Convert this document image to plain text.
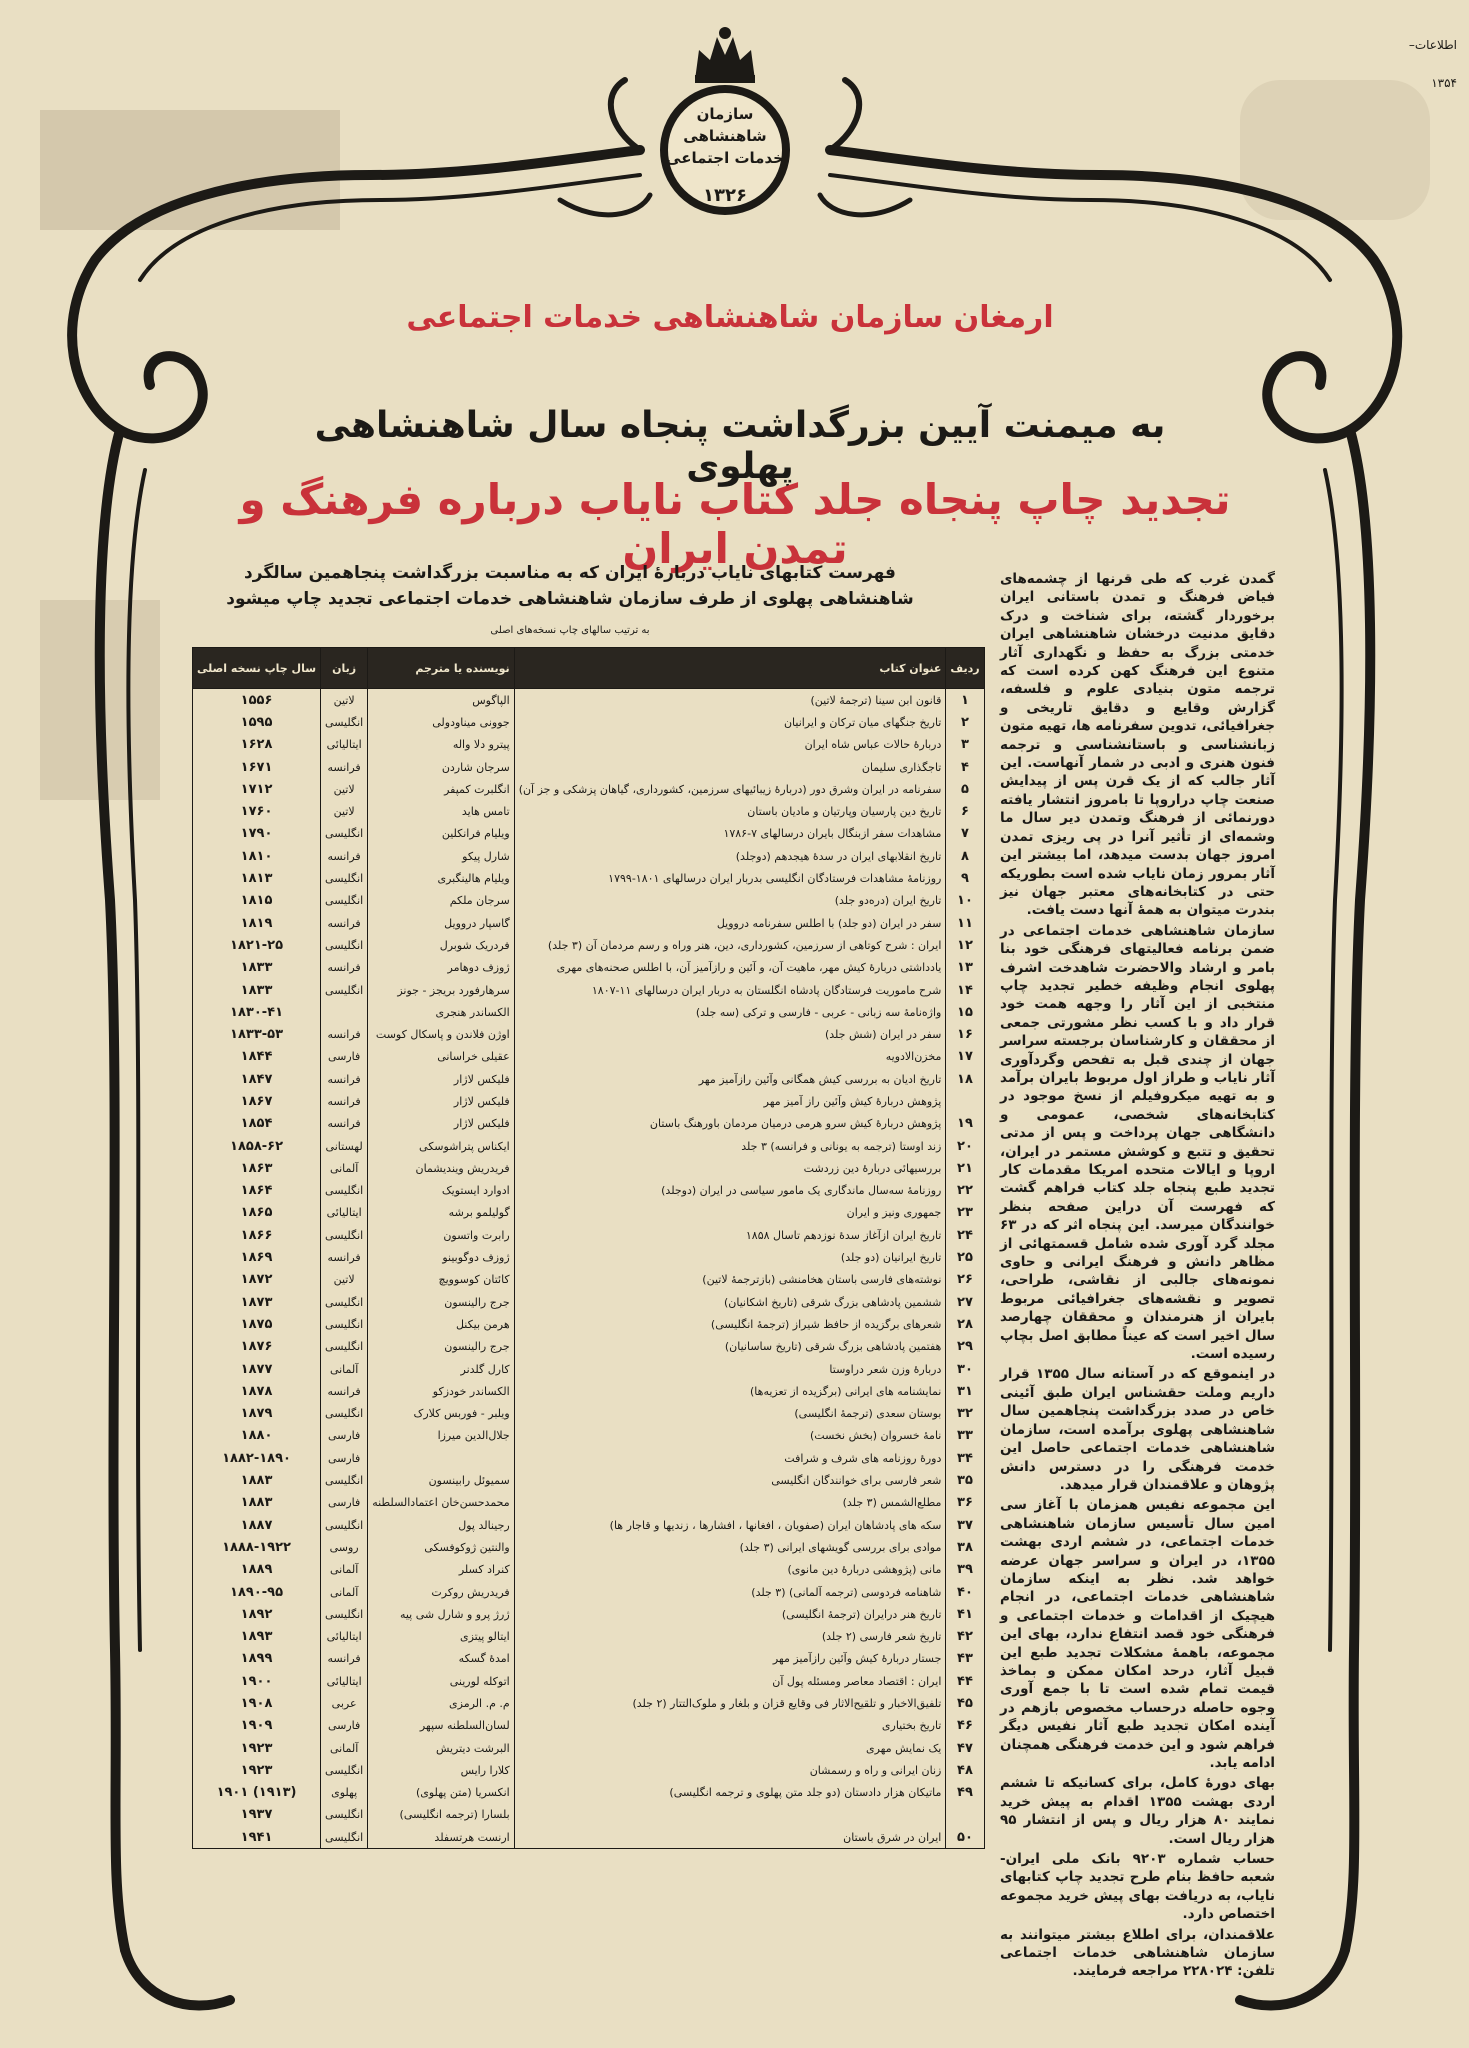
اطلاعات–
۱۳۵۴
سازمان شاهنشاهی
خدمات اجتماعی
۱۳۲۶
ارمغان سازمان شاهنشاهی خدمات اجتماعی
به میمنت آیین بزرگداشت پنجاه سال شاهنشاهی پهلوی
تجدید چاپ پنجاه جلد کتاب نایاب درباره فرهنگ و تمدن ایران
فهرست کتابهای نایاب دربارهٔ ایران که به مناسبت بزرگداشت پنجاهمین سالگرد شاهنشاهی پهلوی از طرف سازمان شاهنشاهی خدمات اجتماعی تجدید چاپ میشود
به ترتیب سالهای چاپ نسخه‌های اصلی
ردیف	عنوان کتاب	نویسنده یا مترجم	زبان	سال چاپ نسخه اصلی
۱	قانون ابن سینا (ترجمهٔ لاتین)	الپاگوس	لاتین	۱۵۵۶
۲	تاریخ جنگهای میان ترکان و ایرانیان	جوونی میناودولی	انگلیسی	۱۵۹۵
۳	دربارهٔ حالات عباس شاه ایران	پیترو دلا واله	ایتالیائی	۱۶۲۸
۴	تاجگذاری سلیمان	سرجان شاردن	فرانسه	۱۶۷۱
۵	سفرنامه در ایران وشرق دور (دربارهٔ زیبائیهای سرزمین، کشورداری، گیاهان پزشکی و جز آن)	انگلبرت کمپفر	لاتین	۱۷۱۲
۶	تاریخ دین پارسیان وپارتیان و مادیان باستان	تامس هاید	لاتین	۱۷۶۰
۷	مشاهدات سفر ازبنگال بایران درسالهای ۷-۱۷۸۶	ویلیام فرانکلین	انگلیسی	۱۷۹۰
۸	تاریخ انقلابهای ایران در سدهٔ هیجدهم (دوجلد)	شارل پیکو	فرانسه	۱۸۱۰
۹	روزنامهٔ مشاهدات فرستادگان انگلیسی بدربار ایران درسالهای ۱۸۰۱-۱۷۹۹	ویلیام هالینگبری	انگلیسی	۱۸۱۳
۱۰	تاریخ ایران (دره‌دو جلد)	سرجان ملکم	انگلیسی	۱۸۱۵
۱۱	سفر در ایران (دو جلد) با اطلس سفرنامه دروویل	گاسپار دروویل	فرانسه	۱۸۱۹
۱۲	ایران : شرح کوتاهی از سرزمین، کشورداری، دین، هنر وراه و رسم مردمان آن (۳ جلد)	فردریک شوبرل	انگلیسی	۱۸۲۱-۲۵
۱۳	یادداشتی دربارهٔ کیش مهر، ماهیت آن، و آئین و رازآمیز آن، با اطلس صحنه‌های مهری	ژوزف دوهامر	فرانسه	۱۸۳۳
۱۴	شرح ماموریت فرستادگان پادشاه انگلستان به دربار ایران درسالهای ۱۱-۱۸۰۷	سرهارفورد بریجز - جونز	انگلیسی	۱۸۳۳
۱۵	واژه‌نامهٔ سه زبانی - عربی - فارسی و ترکی (سه جلد)	الکساندر هنجری		۱۸۳۰-۴۱
۱۶	سفر در ایران (شش جلد)	اوژن فلاندن و پاسکال کوست	فرانسه	۱۸۳۳-۵۳
۱۷	مخزن‌الادویه	عقیلی خراسانی	فارسی	۱۸۴۴
۱۸	تاریخ ادیان به بررسی کیش همگانی وآئین رازآمیز مهر	فلیکس لاژار	فرانسه	۱۸۴۷
	پژوهش دربارهٔ کیش وآئین راز آمیز مهر	فلیکس لاژار	فرانسه	۱۸۶۷
۱۹	پژوهش دربارهٔ کیش سرو هرمی درمیان مردمان باورهنگ باستان	فلیکس لاژار	فرانسه	۱۸۵۴
۲۰	زند اوستا (ترجمه به یونانی و فرانسه) ۳ جلد	ایکناس پتراشوسکی	لهستانی	۱۸۵۸-۶۲
۲۱	بررسیهائی دربارهٔ دین زردشت	فریدریش ویندیشمان	آلمانی	۱۸۶۳
۲۲	روزنامهٔ سه‌سال ماندگاری یک مامور سیاسی در ایران (دوجلد)	ادوارد ایستویک	انگلیسی	۱۸۶۴
۲۳	جمهوری ونیز و ایران	گولیلمو برشه	ایتالیائی	۱۸۶۵
۲۴	تاریخ ایران ازآغاز سدهٔ نوزدهم تاسال ۱۸۵۸	رابرت واتسون	انگلیسی	۱۸۶۶
۲۵	تاریخ ایرانیان (دو جلد)	ژوزف دوگوبینو	فرانسه	۱۸۶۹
۲۶	نوشته‌های فارسی باستان هخامنشی (بازترجمهٔ لاتین)	کائتان کوسوویچ	لاتین	۱۸۷۲
۲۷	ششمین پادشاهی بزرگ شرقی (تاریخ اشکانیان)	جرج رالینسون	انگلیسی	۱۸۷۳
۲۸	شعرهای برگزیده از حافظ شیراز (ترجمهٔ انگلیسی)	هرمن بیکنل	انگلیسی	۱۸۷۵
۲۹	هفتمین پادشاهی بزرگ شرقی (تاریخ ساسانیان)	جرج رالینسون	انگلیسی	۱۸۷۶
۳۰	دربارهٔ وزن شعر دراوستا	کارل گلدنر	آلمانی	۱۸۷۷
۳۱	نمایشنامه های ایرانی (برگزیده از تعزیه‌ها)	الکساندر خودزکو	فرانسه	۱۸۷۸
۳۲	بوستان سعدی (ترجمهٔ انگلیسی)	ویلبر - فوربس کلارک	انگلیسی	۱۸۷۹
۳۳	نامهٔ خسروان (بخش نخست)	جلال‌الدین میرزا	فارسی	۱۸۸۰
۳۴	دورهٔ روزنامه های شرف و شرافت		فارسی	۱۸۸۲-۱۸۹۰
۳۵	شعر فارسی برای خوانندگان انگلیسی	سمیوئل رابینسون	انگلیسی	۱۸۸۳
۳۶	مطلع‌الشمس (۳ جلد)	محمدحسن‌خان اعتمادالسلطنه	فارسی	۱۸۸۳
۳۷	سکه های پادشاهان ایران (صفویان ، افغانها ، افشارها ، زندیها و قاجار ها)	رجینالد پول	انگلیسی	۱۸۸۷
۳۸	موادی برای بررسی گویشهای ایرانی (۳ جلد)	والنتین ژوکوفسکی	روسی	۱۸۸۸-۱۹۲۲
۳۹	مانی (پژوهشی دربارهٔ دین مانوی)	کنراد کسلر	آلمانی	۱۸۸۹
۴۰	شاهنامه فردوسی (ترجمه آلمانی) (۳ جلد)	فریدریش روکرت	آلمانی	۱۸۹۰-۹۵
۴۱	تاریخ هنر درایران (ترجمهٔ انگلیسی)	ژرژ پرو و شارل شی پیه	انگلیسی	۱۸۹۲
۴۲	تاریخ شعر فارسی (۲ جلد)	ایتالو پیتزی	ایتالیائی	۱۸۹۳
۴۳	جستار دربارهٔ کیش وآئین رازآمیز مهر	امدهٔ گسکه	فرانسه	۱۸۹۹
۴۴	ایران : اقتصاد معاصر ومسئله پول آن	اتوکله لورینی	ایتالیائی	۱۹۰۰
۴۵	تلفیق‌الاخبار و تلقیح‌الاثار فی وقایع قزان و بلغار و ملوک‌التتار (۲ جلد)	م. م. الرمزی	عربی	۱۹۰۸
۴۶	تاریخ بختیاری	لسان‌السلطنه سپهر	فارسی	۱۹۰۹
۴۷	یک نمایش مهری	البرشت دیتریش	آلمانی	۱۹۲۳
۴۸	زنان ایرانی و راه و رسمشان	کلارا رایس	انگلیسی	۱۹۲۳
۴۹	ماتیکان هزار دادستان (دو جلد متن پهلوی و ترجمه انگلیسی)	انکسریا (متن پهلوی)	پهلوی	(۱۹۱۳) ۱۹۰۱
		بلسارا (ترجمه انگلیسی)	انگلیسی	۱۹۳۷
۵۰	ایران در شرق باستان	ارنست هرتسفلد	انگلیسی	۱۹۴۱

گمدن غرب که طی قرنها از چشمه‌های فیاض فرهنگ و تمدن باستانی ایران برخوردار گشته، برای شناخت و درک دقایق مدنیت درخشان شاهنشاهی ایران خدمتی بزرگ به حفظ و نگهداری آثار متنوع این فرهنگ کهن کرده است که ترجمه متون بنیادی علوم و فلسفه، گزارش وقایع و دقایق تاریخی و جغرافیائی، تدوین سفرنامه ها، تهیه متون زبانشناسی و باستانشناسی و ترجمه فنون هنری و ادبی در شمار آنهاست. این آثار جالب که از یک قرن پس از پیدایش صنعت چاپ دراروپا تا بامروز انتشار یافته دورنمائی از فرهنگ وتمدن دیر سال ما وشمه‌ای از تأثیر آنرا در پی ریزی تمدن امروز جهان بدست میدهد، اما بیشتر این آثار بمرور زمان نایاب شده است بطوریکه حتی در کتابخانه‌های معتبر جهان نیز بندرت میتوان به همهٔ آنها دست یافت.

سازمان شاهنشاهی خدمات اجتماعی در ضمن برنامه فعالیتهای فرهنگی خود بنا بامر و ارشاد والاحضرت شاهدخت اشرف پهلوی انجام وظیفه خطیر تجدید چاپ منتخبی از این آثار را وجهه همت خود قرار داد و با کسب نظر مشورتی جمعی از محققان و کارشناسان برجسته سراسر جهان از چندی قبل به تفحص وگردآوری آثار نایاب و طراز اول مربوط بایران برآمد و به تهیه میکروفیلم از نسخ موجود در کتابخانه‌های شخصی، عمومی و دانشگاهی جهان پرداخت و پس از مدتی تحقیق و تتبع و کوشش مستمر در ایران، اروپا و ایالات متحده امریکا مقدمات کار تجدید طبع پنجاه جلد کتاب فراهم گشت که فهرست آن دراین صفحه بنظر خوانندگان میرسد. این پنجاه اثر که در ۶۳ مجلد گرد آوری شده شامل قسمتهائی از مظاهر دانش و فرهنگ ایرانی و حاوی نمونه‌های جالبی از نقاشی، طراحی، تصویر و نقشه‌های جغرافیائی مربوط بایران از هنرمندان و محققان چهارصد سال اخیر است که عیناً مطابق اصل بچاپ رسیده است.

در اینموقع که در آستانه سال ۱۳۵۵ قرار داریم وملت حقشناس ایران طبق آئینی خاص در صدد بزرگداشت پنجاهمین سال شاهنشاهی پهلوی برآمده است، سازمان شاهنشاهی خدمات اجتماعی حاصل این خدمت فرهنگی را در دسترس دانش پژوهان و علاقمندان قرار میدهد.

این مجموعه نفیس همزمان با آغاز سی امین سال تأسیس سازمان شاهنشاهی خدمات اجتماعی، در ششم اردی بهشت ۱۳۵۵، در ایران و سراسر جهان عرضه خواهد شد. نظر به اینکه سازمان شاهنشاهی خدمات اجتماعی، در انجام هیچیک از اقدامات و خدمات اجتماعی و فرهنگی خود قصد انتفاع ندارد، بهای این مجموعه، باهمهٔ مشکلات تجدید طبع این قبیل آثار، درحد امکان ممکن و بماخذ قیمت تمام شده است تا با جمع آوری وجوه حاصله درحساب مخصوص بازهم در آینده امکان تجدید طبع آثار نفیس دیگر فراهم شود و این خدمت فرهنگی همچنان ادامه یابد.

بهای دورهٔ کامل، برای کسانیکه تا ششم اردی بهشت ۱۳۵۵ اقدام به پیش خرید نمایند ۸۰ هزار ریال و پس از انتشار ۹۵ هزار ریال است.

حساب شماره ۹۲۰۳ بانک ملی ایران- شعبه حافظ بنام طرح تجدید چاپ کتابهای نایاب، به دریافت بهای پیش خرید مجموعه اختصاص دارد.

علاقمندان، برای اطلاع بیشتر میتوانند به سازمان شاهنشاهی خدمات اجتماعی تلفن: ۲۲۸۰۲۴ مراجعه فرمایند.
